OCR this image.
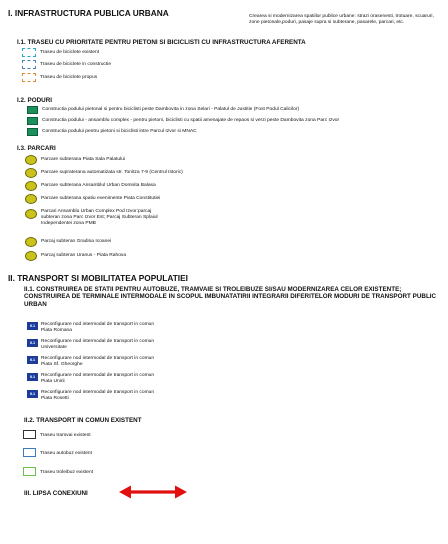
I. INFRASTRUCTURA PUBLICA URBANA	Crearea si modernizarea spatiilor publice urbane: strazi orasenesti, trotuare, scuaruri, zone pietonale,poduri, pasaje supra si subterane, pasarele, parcari, etc.
I.1. TRASEU CU PRIORITATE PENTRU PIETONI SI BICICLISTI CU INFRASTRUCTURA AFERENTA
Traseu de biciclete existent
Traseu de biciclete in constructie
Traseu de biciclete propus
I.2. PODURI
Constructia podului pietonal si pentru biciclisti peste Dambovita in zona Selari - Palatul de Justitie (Fost Podul Calicilor)
Constructia podului - ansamblu complex - pentru pietoni, biciclisti cu spatii amenajate de repaos si verzi peste Dambovita zona Parc Izvor
Constructia podului pentru pietoni si biciclisti intre Parcul Izvor si MNAC
I.3. PARCARI
Parcare subterana Piata Sala Palatului
Parcare supraterana automatizata str. Tonitza 7-9 (Centrul Istoric)
Parcare subterana Ansamblul Urban Domnita Balasa
Parcare subterana spatiu evenimente Piata Constitutiei
Parcari Ansamblu Urban Complex Pod Izvor:parcaj subteran zona Parc Izvor Est; Parcaj Subteran Splaiul Independentei zona PMB
Parcaj subteran Gradina Icoanei
Parcaj subteran Uranus - Piata Rahova
II. TRANSPORT SI MOBILITATEA POPULATIEI
II.1. CONSTRUIREA DE STATII PENTRU AUTOBUZE, TRAMVAIE SI TROLEIBUZE SI/SAU MODERNIZAREA CELOR EXISTENTE; CONSTRUIREA DE TERMINALE INTERMODALE IN SCOPUL IMBUNATATIRII INTEGRARII DIFERITELOR MODURI DE TRANSPORT PUBLIC URBAN
II.1	Reconfigurare nod intermodal de transport in comun Piata Romana
II.1	Reconfigurare nod intermodal de transport in comun Universitate
II.1	Reconfigurare nod intermodal de transport in comun Piata Sf. Gheorghe
II.1	Reconfigurare nod intermodal de transport in comun Piata Unirii
II.1	Reconfigurare nod intermodal de transport in comun Piata Rosetti
II.2. TRANSPORT IN COMUN EXISTENT
Traseu tramvai existent
Traseu autobuz existent
Traseu troleibuz existent
III. LIPSA CONEXIUNI
